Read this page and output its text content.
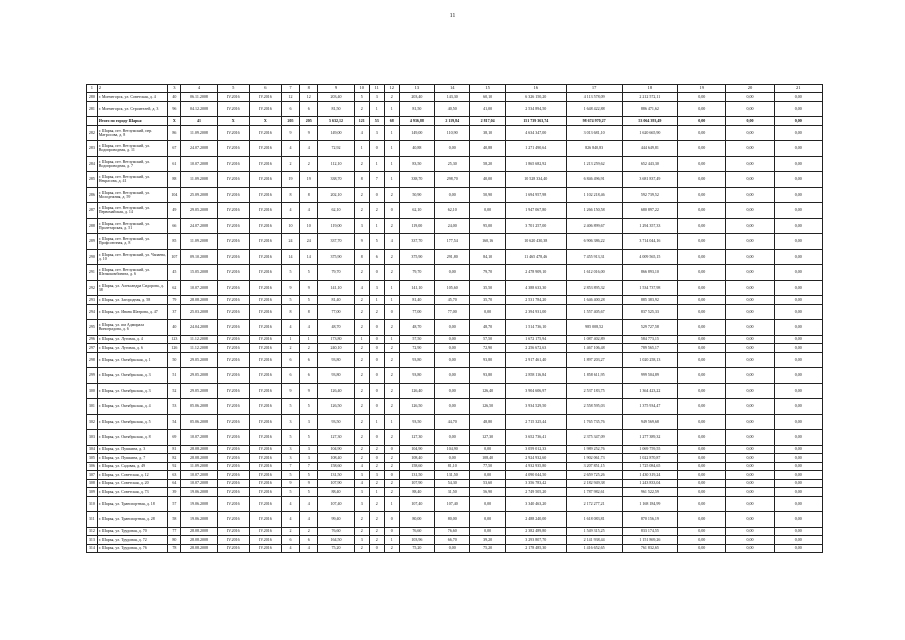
11
1	2	3	4	5	6	7	8	9	10	11	12	13	14	15	16	17	18	19	20	21
280	г. Мончегорск, ул. Советская, д. 4	40	06.11.2008	IV.2016	IV.2016	12	12	203,40	5	3	2	203,40	143,30	60,10	6 326 150,20	4 113 578,09	2 212 572,11	0,00	0,00	0,00
281	г. Мончегорск, ул. Строителей, д. 3	96	04.12.2008	IV.2016	IV.2016	6	6	81,50	2	1	1	81,50	40,50	41,00	2 534 894,50	1 648 422,88	886 471,62	0,00	0,00	0,00
	Итого по городу Шарья	X	41	X	X	205	205	5 632,12	121	53	68	4 936,88	2 119,84	2 817,04	151 739 363,74	98 674 970,27	53 064 393,49	0,00	0,00	0,00
282	г. Шарья, пгт. Ветлужский, пер. Матросова, д. 8	86	11.09.2008	IV.2016	IV.2016	9	9	149,00	4	3	1	149,00	110,90	38,10	4 634 347,00	3 013 681,10	1 620 665,90	0,00	0,00	0,00
283	г. Шарья, пгт. Ветлужский, ул. Водопроводная, д. 11	67	24.07.2008	IV.2016	IV.2016	4	4	72,92	1	0	1	40,88	0,00	40,88	1 271 490,64	826 840,83	444 649,81	0,00	0,00	0,00
284	г. Шарья, пгт. Ветлужский, ул. Водопроводная, д. 7	61	10.07.2008	IV.2016	IV.2016	2	2	112,10	2	1	1	83,50	25,30	58,20	1 865 682,92	1 213 259,62	652 443,30	0,00	0,00	0,00
285	г. Шарья, пгт. Ветлужский, ул. Некрасова, д. 41	88	11.09.2008	IV.2016	IV.2016	19	19	338,70	8	7	1	338,70	298,70	40,00	10 528 334,40	6 846 496,91	3 681 837,49	0,00	0,00	0,00
286	г. Шарья, пгт. Ветлужский, ул. Молодежная, д. 59	104	25.09.2008	IV.2016	IV.2016	8	8	202,10	2	0	2	50,90	0,00	50,90	1 694 957,98	1 102 218,46	592 739,52	0,00	0,00	0,00
287	г. Шарья, пгт. Ветлужский, ул. Первомайская, д. 14	49	29.05.2008	IV.2016	IV.2016	4	4	62,10	2	2	0	62,10	62,10	0,00	1 947 067,80	1 266 150,58	680 897,22	0,00	0,00	0,00
288	г. Шарья, пгт. Ветлужский, ул. Пролетарская, д. 51	66	24.07.2008	IV.2016	IV.2016	10	10	119,00	3	1	2	119,00	24,00	95,00	3 701 257,00	2 406 899,67	1 294 357,33	0,00	0,00	0,00
289	г. Шарья, пгт. Ветлужский, ул. Профсоюзная, д. 8	85	11.09.2008	IV.2016	IV.2016	24	24	337,70	9	5	4	337,70	177,54	160,16	10 620 430,38	6 906 386,22	3 714 044,16	0,00	0,00	0,00
290	г. Шарья, пгт. Ветлужский, ул. Чапаева, д. 10	107	09.10.2008	IV.2016	IV.2016	14	14	375,90	8	6	2	375,90	291,80	84,10	11 465 478,46	7 455 913,31	4 009 565,15	0,00	0,00	0,00
291	г. Шарья, пгт. Ветлужский, ул. Шелкокомбината, д. 6	45	15.05.2008	IV.2016	IV.2016	5	5	79,70	2	0	2	79,70	0,00	79,70	2 478 909,10	1 612 016,00	866 893,10	0,00	0,00	0,00
292	г. Шарья, ул. Александра Сидорова, д. 38	62	10.07.2008	IV.2016	IV.2016	9	9	141,10	4	3	1	141,10	105,60	35,50	4 388 633,30	2 853 895,32	1 534 737,98	0,00	0,00	0,00
293	г. Шарья, ул. Загородная, д. 58	79	28.08.2008	IV.2016	IV.2016	5	5	81,40	2	1	1	81,40	45,70	35,70	2 531 784,20	1 646 400,28	885 383,92	0,00	0,00	0,00
294	г. Шарья, ул. Ивана Шатрова, д. 47	37	25.03.2008	IV.2016	IV.2016	8	8	77,00	2	2	0	77,00	77,00	0,00	2 394 931,00	1 557 405,67	837 525,33	0,00	0,00	0,00
295	г. Шарья, ул. им Адмирала Виноградова, д. 6	40	24.04.2008	IV.2016	IV.2016	4	4	48,70	2	0	2	48,70	0,00	48,70	1 514 736,10	985 008,52	529 727,58	0,00	0,00	0,00
296	г. Шарья, ул. Луговая, д. 4	123	11.12.2008	IV.2016	IV.2016	1	1	173,80	1	0	1	57,50	0,00	57,50	1 672 175,94	1 087 402,89	584 773,15	0,00	0,00	0,00
297	г. Шарья, ул. Луговая, д. 6	126	11.12.2008	IV.2016	IV.2016	2	2	240,10	2	0	2	72,90	0,00	72,90	2 256 672,63	1 467 106,48	789 565,17	0,00	0,00	0,00
298	г. Шарья, ул. Октябрьская, д. 1	50	29.05.2008	IV.2016	IV.2016	6	6	93,80	2	0	2	93,80	0,00	93,80	2 917 461,40	1 897 203,27	1 020 258,13	0,00	0,00	0,00
299	г. Шарья, ул. Октябрьская, д. 3	51	29.05.2008	IV.2016	IV.2016	6	6	93,80	2	0	2	93,80	0,00	93,80	2 858 116,84	1 858 611,95	999 504,89	0,00	0,00	0,00
300	г. Шарья, ул. Октябрьская, д. 3	52	29.05.2008	IV.2016	IV.2016	9	9	126,40	2	0	2	126,40	0,00	126,40	3 904 606,97	2 537 183,75	1 364 423,22	0,00	0,00	0,00
301	г. Шарья, ул. Октябрьская, д. 4	53	05.06.2008	IV.2016	IV.2016	5	5	126,50	2	0	2	126,50	0,00	126,50	3 934 529,50	2 558 595,03	1 375 934,47	0,00	0,00	0,00
302	г. Шарья, ул. Октябрьская, д. 5	54	05.06.2008	IV.2016	IV.2016	3	3	93,50	2	1	1	93,50	44,70	48,80	2 715 325,44	1 765 735,76	949 569,68	0,00	0,00	0,00
303	г. Шарья, ул. Октябрьская, д. 8	69	10.07.2008	IV.2016	IV.2016	5	5	127,30	2	0	2	127,30	0,00	127,30	3 652 736,41	2 375 347,09	1 277 389,32	0,00	0,00	0,00
304	г. Шарья, ул. Пушкина, д. 3	81	28.08.2008	IV.2016	IV.2016	3	3	104,90	2	2	0	104,90	104,90	0,00	3 059 012,33	1 989 252,76	1 069 759,55	0,00	0,00	0,00
305	г. Шарья, ул. Пушкина, д. 7	82	28.08.2008	IV.2016	IV.2016	3	3	108,40	2	0	2	108,40	0,00	108,40	2 924 932,60	1 902 061,73	1 022 870,87	0,00	0,00	0,00
306	г. Шарья, ул. Садовая, д. 49	92	11.09.2008	IV.2016	IV.2016	7	7	158,60	4	2	2	158,60	81,10	77,50	4 932 935,80	3 207 851,15	1 725 084,65	0,00	0,00	0,00
307	г. Шарья, ул. Советская, д. 12	63	10.07.2008	IV.2016	IV.2016	5	5	131,50	3	3	0	131,50	131,50	0,00	4 090 044,50	2 659 725,26	1 430 319,24	0,00	0,00	0,00
308	г. Шарья, ул. Советская, д. 20	64	10.07.2008	IV.2016	IV.2016	9	9	107,90	4	2	2	107,90	54,30	53,60	3 356 783,42	2 182 949,38	1 243 833,04	0,00	0,00	0,00
309	г. Шарья, ул. Советская, д. 73	39	19.06.2008	IV.2016	IV.2016	5	5	88,40	3	1	2	88,40	31,50	56,90	2 749 505,20	1 787 982,61	961 522,59	0,00	0,00	0,00
310	г. Шарья, ул. Транспортная, д. 18	57	19.06.2008	IV.2016	IV.2016	4	4	107,40	3	2	1	107,40	107,40	0,00	3 340 463,20	2 172 277,21	1 168 184,99	0,00	0,00	0,00
311	г. Шарья, ул. Транспортная, д. 28	58	19.06.2008	IV.2016	IV.2016	4	4	99,40	2	2	0	80,00	80,00	0,00	2 488 240,00	1 618 083,81	870 156,19	0,00	0,00	0,00
312	г. Шарья, ул. Трудовая, д. 70	77	28.08.2008	IV.2016	IV.2016	2	2	76,60	2	2	0	76,60	76,60	0,00	2 382 489,80	1 549 315,25	833 174,55	0,00	0,00	0,00
313	г. Шарья, ул. Трудовая, д. 72	80	28.08.2008	IV.2016	IV.2016	6	6	164,50	3	2	1	103,96	66,70	39,20	3 293 807,70	2 141 938,44	1 151 869,26	0,00	0,00	0,00
314	г. Шарья, ул. Трудовая, д. 76	78	28.08.2008	IV.2016	IV.2016	4	4	75,20	2	0	2	75,20	0,00	75,20	2 178 485,30	1 416 652,65	761 832,65	0,00	0,00	0,00
